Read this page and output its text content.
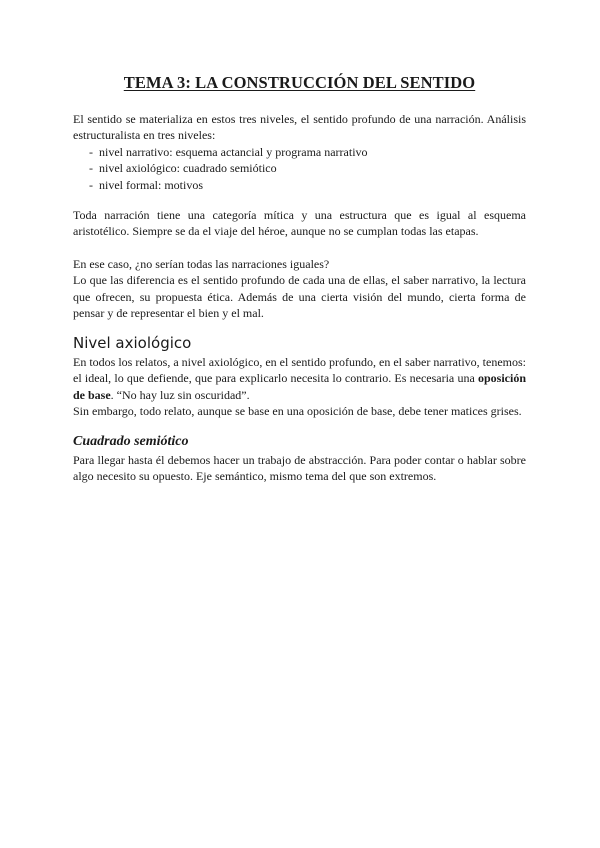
TEMA 3: LA CONSTRUCCIÓN DEL SENTIDO

El sentido se materializa en estos tres niveles, el sentido profundo de una narración. Análisis estructuralista en tres niveles:

- nivel narrativo: esquema actancial y programa narrativo
- nivel axiológico: cuadrado semiótico
- nivel formal: motivos

Toda narración tiene una categoría mítica y una estructura que es igual al esquema aristotélico. Siempre se da el viaje del héroe, aunque no se cumplan todas las etapas.

En ese caso, ¿no serían todas las narraciones iguales?

Lo que las diferencia es el sentido profundo de cada una de ellas, el saber narrativo, la lectura que ofrecen, su propuesta ética. Además de una cierta visión del mundo, cierta forma de pensar y de representar el bien y el mal.

Nivel axiológico

En todos los relatos, a nivel axiológico, en el sentido profundo, en el saber narrativo, tenemos: el ideal, lo que defiende, que para explicarlo necesita lo contrario. Es necesaria una oposición de base. “No hay luz sin oscuridad”.

Sin embargo, todo relato, aunque se base en una oposición de base, debe tener matices grises.

Cuadrado semiótico

Para llegar hasta él debemos hacer un trabajo de abstracción. Para poder contar o hablar sobre algo necesito su opuesto. Eje semántico, mismo tema del que son extremos.
